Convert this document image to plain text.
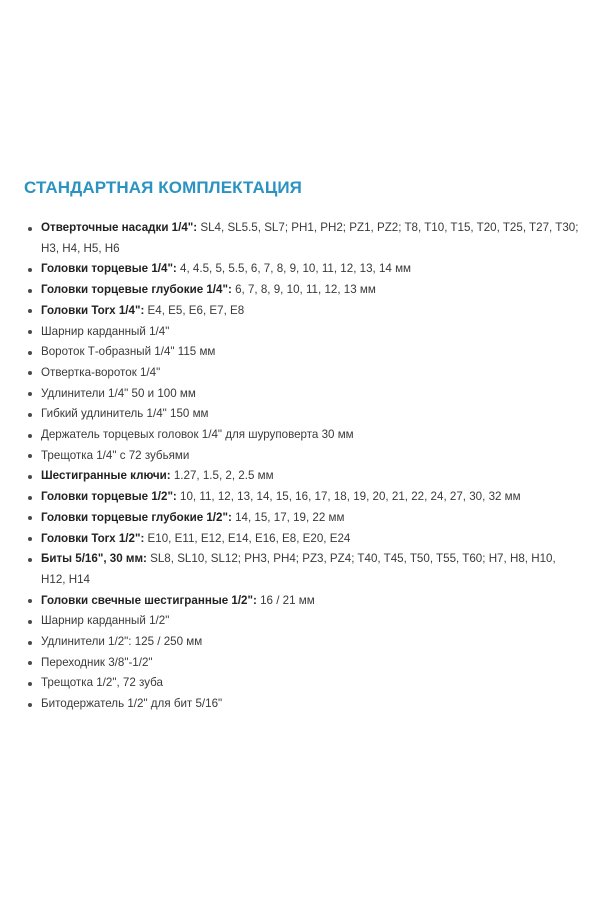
СТАНДАРТНАЯ КОМПЛЕКТАЦИЯ
Отверточные насадки 1/4": SL4, SL5.5, SL7; PH1, PH2; PZ1, PZ2; T8, T10, T15, T20, T25, T27, T30; H3, H4, H5, H6
Головки торцевые 1/4": 4, 4.5, 5, 5.5, 6, 7, 8, 9, 10, 11, 12, 13, 14 мм
Головки торцевые глубокие 1/4": 6, 7, 8, 9, 10, 11, 12, 13 мм
Головки Torx 1/4": E4, E5, E6, E7, E8
Шарнир карданный 1/4"
Вороток Т-образный 1/4" 115 мм
Отвертка-вороток 1/4"
Удлинители 1/4" 50 и 100 мм
Гибкий удлинитель 1/4" 150 мм
Держатель торцевых головок 1/4" для шуруповерта 30 мм
Трещотка 1/4" с 72 зубьями
Шестигранные ключи: 1.27, 1.5, 2, 2.5 мм
Головки торцевые 1/2": 10, 11, 12, 13, 14, 15, 16, 17, 18, 19, 20, 21, 22, 24, 27, 30, 32 мм
Головки торцевые глубокие 1/2": 14, 15, 17, 19, 22 мм
Головки Torx 1/2": E10, E11, E12, E14, E16, E8, E20, E24
Биты 5/16", 30 мм: SL8, SL10, SL12; PH3, PH4; PZ3, PZ4; T40, T45, T50, T55, T60; H7, H8, H10, H12, H14
Головки свечные шестигранные 1/2": 16 / 21 мм
Шарнир карданный 1/2"
Удлинители 1/2": 125 / 250 мм
Переходник 3/8"-1/2"
Трещотка 1/2", 72 зуба
Битодержатель 1/2" для бит 5/16"
